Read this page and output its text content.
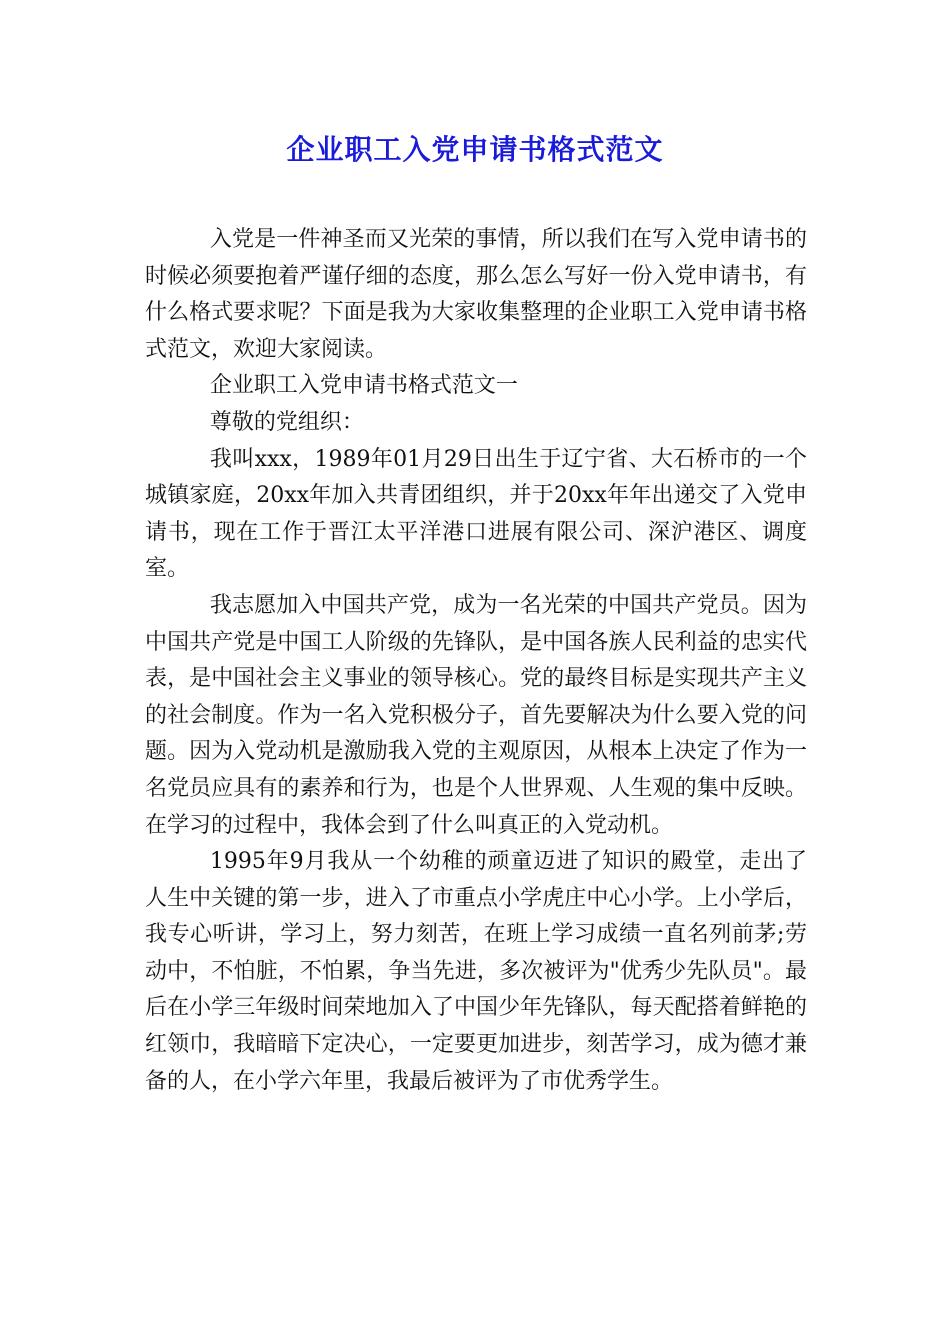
企业职工入党申请书格式范文

入党是一件神圣而又光荣的事情，所以我们在写入党申请书的时候必须要抱着严谨仔细的态度，那么怎么写好一份入党申请书，有什么格式要求呢？下面是我为大家收集整理的企业职工入党申请书格式范文，欢迎大家阅读。

企业职工入党申请书格式范文一

尊敬的党组织：

我叫xxx，1989年01月29日出生于辽宁省、大石桥市的一个城镇家庭，20xx年加入共青团组织，并于20xx年年出递交了入党申请书，现在工作于晋江太平洋港口进展有限公司、深沪港区、调度室。

我志愿加入中国共产党，成为一名光荣的中国共产党员。因为中国共产党是中国工人阶级的先锋队，是中国各族人民利益的忠实代表，是中国社会主义事业的领导核心。党的最终目标是实现共产主义的社会制度。作为一名入党积极分子，首先要解决为什么要入党的问题。因为入党动机是激励我入党的主观原因，从根本上决定了作为一名党员应具有的素养和行为，也是个人世界观、人生观的集中反映。在学习的过程中，我体会到了什么叫真正的入党动机。

1995年9月我从一个幼稚的顽童迈进了知识的殿堂，走出了人生中关键的第一步，进入了市重点小学虎庄中心小学。上小学后，我专心听讲，学习上，努力刻苦，在班上学习成绩一直名列前茅;劳动中，不怕脏，不怕累，争当先进，多次被评为"优秀少先队员"。最后在小学三年级时间荣地加入了中国少年先锋队，每天配搭着鲜艳的红领巾，我暗暗下定决心，一定要更加进步，刻苦学习，成为德才兼备的人，在小学六年里，我最后被评为了市优秀学生。
